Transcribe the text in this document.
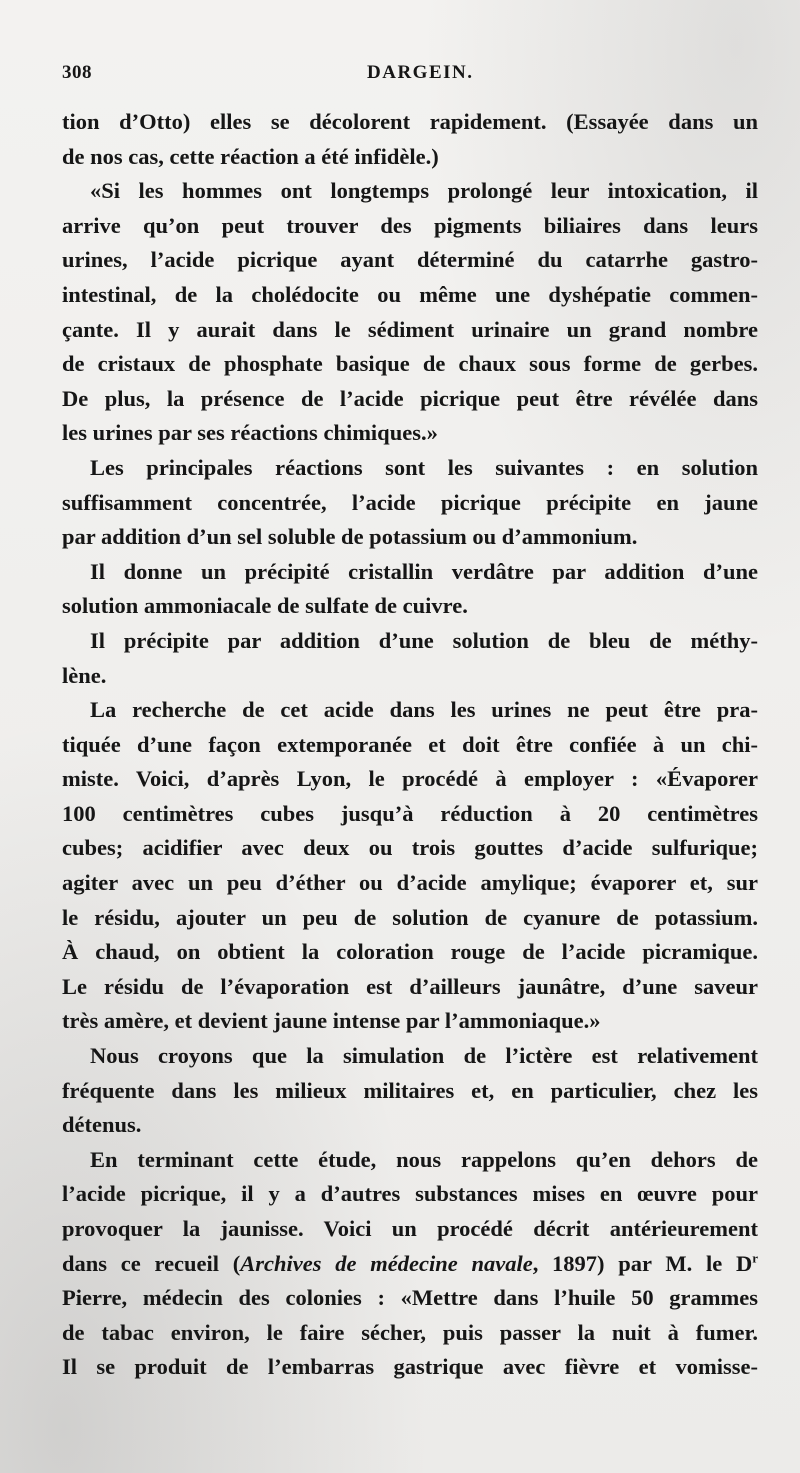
308	DARGEIN.

tion d’Otto) elles se décolorent rapidement. (Essayée dans un

de nos cas, cette réaction a été infidèle.)

«Si les hommes ont longtemps prolongé leur intoxication, il

arrive qu’on peut trouver des pigments biliaires dans leurs

urines, l’acide picrique ayant déterminé du catarrhe gastro-

intestinal, de la cholédocite ou même une dyshépatie commen-

çante. Il y aurait dans le sédiment urinaire un grand nombre

de cristaux de phosphate basique de chaux sous forme de gerbes.

De plus, la présence de l’acide picrique peut être révélée dans

les urines par ses réactions chimiques.»

Les principales réactions sont les suivantes : en solution

suffisamment concentrée, l’acide picrique précipite en jaune

par addition d’un sel soluble de potassium ou d’ammonium.

Il donne un précipité cristallin verdâtre par addition d’une

solution ammoniacale de sulfate de cuivre.

Il précipite par addition d’une solution de bleu de méthy-

lène.

La recherche de cet acide dans les urines ne peut être pra-

tiquée d’une façon extemporanée et doit être confiée à un chi-

miste. Voici, d’après Lyon, le procédé à employer : «Évaporer

100 centimètres cubes jusqu’à réduction à 20 centimètres

cubes; acidifier avec deux ou trois gouttes d’acide sulfurique;

agiter avec un peu d’éther ou d’acide amylique; évaporer et, sur

le résidu, ajouter un peu de solution de cyanure de potassium.

À chaud, on obtient la coloration rouge de l’acide picramique.

Le résidu de l’évaporation est d’ailleurs jaunâtre, d’une saveur

très amère, et devient jaune intense par l’ammoniaque.»

Nous croyons que la simulation de l’ictère est relativement

fréquente dans les milieux militaires et, en particulier, chez les

détenus.

En terminant cette étude, nous rappelons qu’en dehors de

l’acide picrique, il y a d’autres substances mises en œuvre pour

provoquer la jaunisse. Voici un procédé décrit antérieurement

dans ce recueil (Archives de médecine navale, 1897) par M. le $D^r$

Pierre, médecin des colonies : «Mettre dans l’huile 50 grammes

de tabac environ, le faire sécher, puis passer la nuit à fumer.

Il se produit de l’embarras gastrique avec fièvre et vomisse-
